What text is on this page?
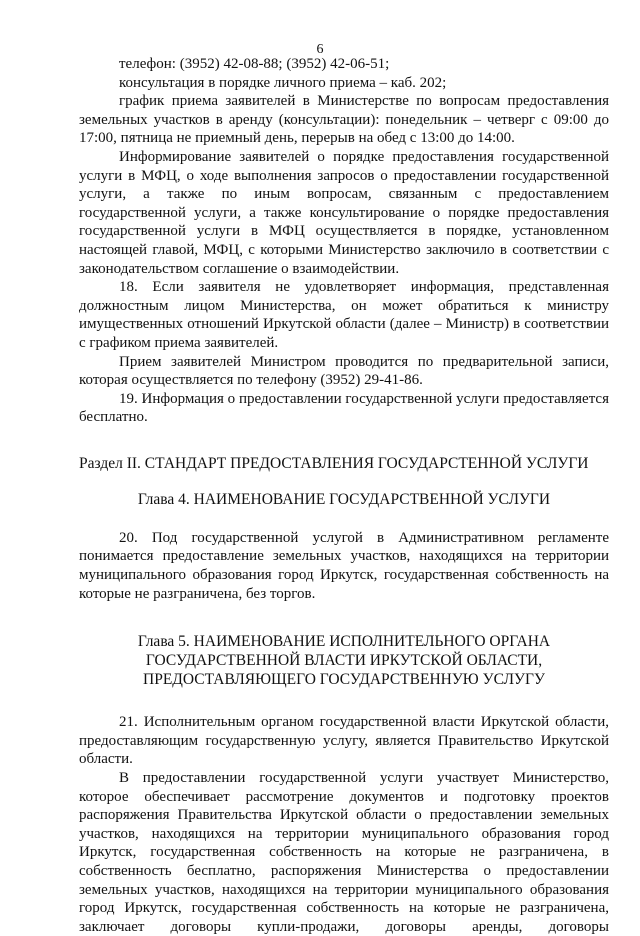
6

телефон: (3952) 42-08-88; (3952) 42-06-51;

консультация в порядке личного приема – каб. 202;

график приема заявителей в Министерстве по вопросам предоставления земельных участков в аренду (консультации): понедельник – четверг с 09:00 до 17:00, пятница не приемный день, перерыв на обед с 13:00 до 14:00.

Информирование заявителей о порядке предоставления государственной услуги в МФЦ, о ходе выполнения запросов о предоставлении государственной услуги, а также по иным вопросам, связанным с предоставлением государственной услуги, а также консультирование о порядке предоставления государственной услуги в МФЦ осуществляется в порядке, установленном настоящей главой, МФЦ, с которыми Министерство заключило в соответствии с законодательством соглашение о взаимодействии.

18. Если заявителя не удовлетворяет информация, представленная должностным лицом Министерства, он может обратиться к министру имущественных отношений Иркутской области (далее – Министр) в соответствии с графиком приема заявителей.

Прием заявителей Министром проводится по предварительной записи, которая осуществляется по телефону (3952) 29-41-86.

19. Информация о предоставлении государственной услуги предоставляется бесплатно.

Раздел II. СТАНДАРТ ПРЕДОСТАВЛЕНИЯ ГОСУДАРСТЕННОЙ УСЛУГИ
Глава 4. НАИМЕНОВАНИЕ ГОСУДАРСТВЕННОЙ УСЛУГИ

20. Под государственной услугой в Административном регламенте понимается предоставление земельных участков, находящихся на территории муниципального образования город Иркутск, государственная собственность на которые не разграничена, без торгов.

Глава 5. НАИМЕНОВАНИЕ ИСПОЛНИТЕЛЬНОГО ОРГАНА
ГОСУДАРСТВЕННОЙ ВЛАСТИ ИРКУТСКОЙ ОБЛАСТИ,
ПРЕДОСТАВЛЯЮЩЕГО ГОСУДАРСТВЕННУЮ УСЛУГУ

21. Исполнительным органом государственной власти Иркутской области, предоставляющим государственную услугу, является Правительство Иркутской области.

В предоставлении государственной услуги участвует Министерство, которое обеспечивает рассмотрение документов и подготовку проектов распоряжения Правительства Иркутской области о предоставлении земельных участков, находящихся на территории муниципального образования город Иркутск, государственная собственность на которые не разграничена, в собственность бесплатно, распоряжения Министерства о предоставлении земельных участков, находящихся на территории муниципального образования город Иркутск, государственная собственность на которые не разграничена, заключает договоры купли-продажи, договоры аренды, договоры
